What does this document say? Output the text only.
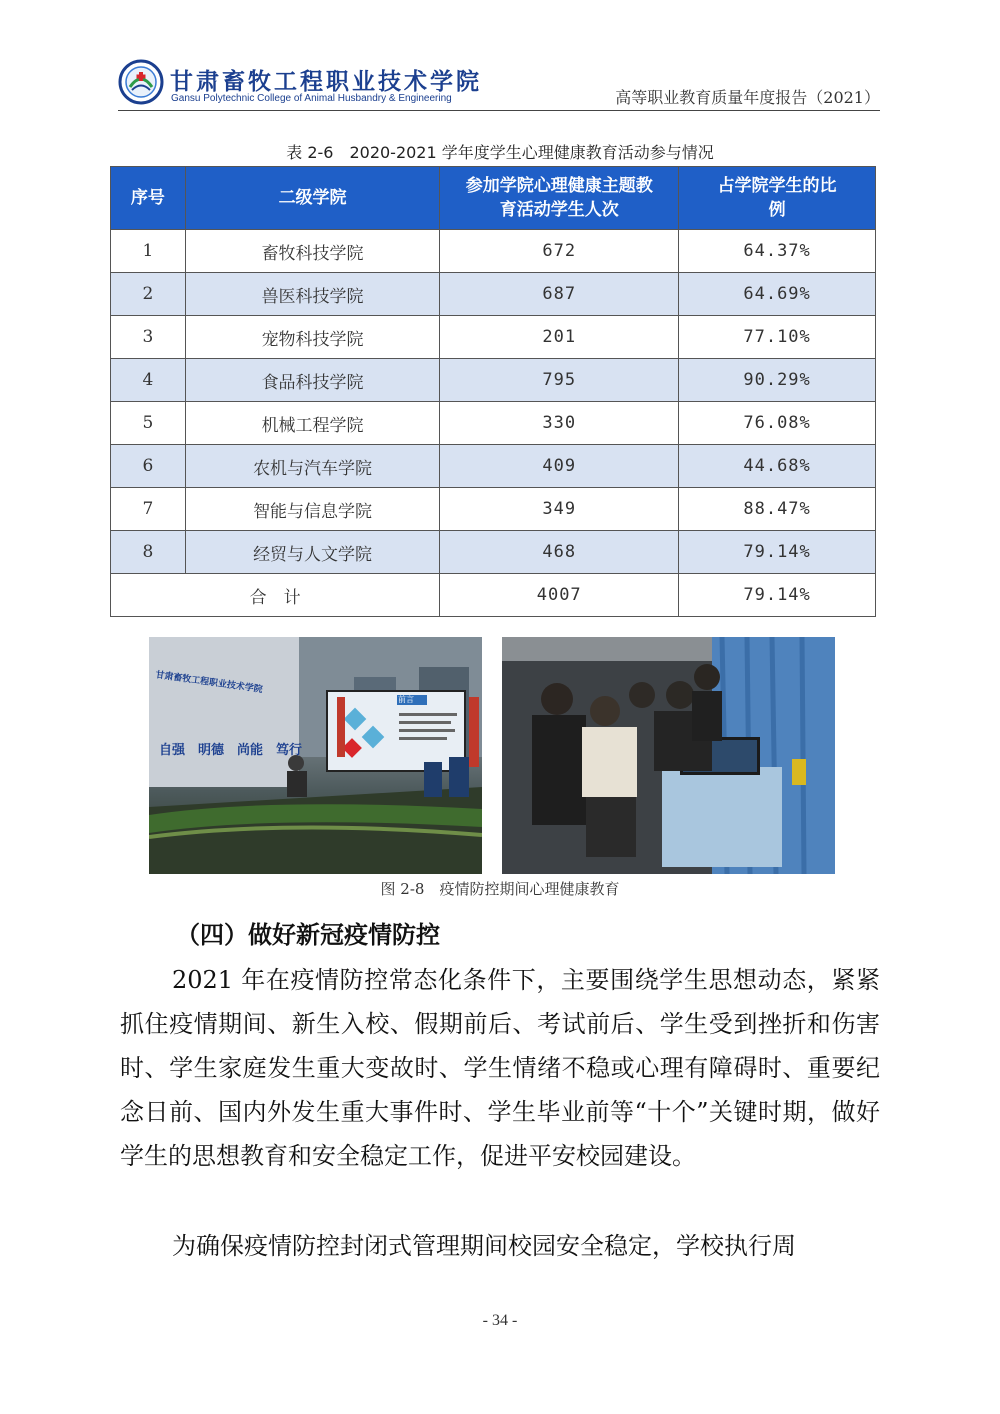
甘肃畜牧工程职业技术学院
Gansu Polytechnic College of Animal Husbandry & Engineering	高等职业教育质量年度报告（2021）
表 2-6　2020-2021 学年度学生心理健康教育活动参与情况
序号	二级学院	参加学院心理健康主题教育活动学生人次	占学院学生的比例

1	畜牧科技学院	672	64.37%
2	兽医科技学院	687	64.69%
3	宠物科技学院	201	77.10%
4	食品科技学院	795	90.29%
5	机械工程学院	330	76.08%
6	农机与汽车学院	409	44.68%
7	智能与信息学院	349	88.47%
8	经贸与人文学院	468	79.14%
合　计		4007	79.14%
甘肃畜牧工程职业技术学院
自强　明德　尚能　笃行
前言
图 2-8　疫情防控期间心理健康教育
（四）做好新冠疫情防控

2021 年在疫情防控常态化条件下，主要围绕学生思想动态，紧紧抓住疫情期间、新生入校、假期前后、考试前后、学生受到挫折和伤害时、学生家庭发生重大变故时、学生情绪不稳或心理有障碍时、重要纪念日前、国内外发生重大事件时、学生毕业前等“十个”关键时期，做好学生的思想教育和安全稳定工作，促进平安校园建设。

为确保疫情防控封闭式管理期间校园安全稳定，学校执行周

- 34 -
